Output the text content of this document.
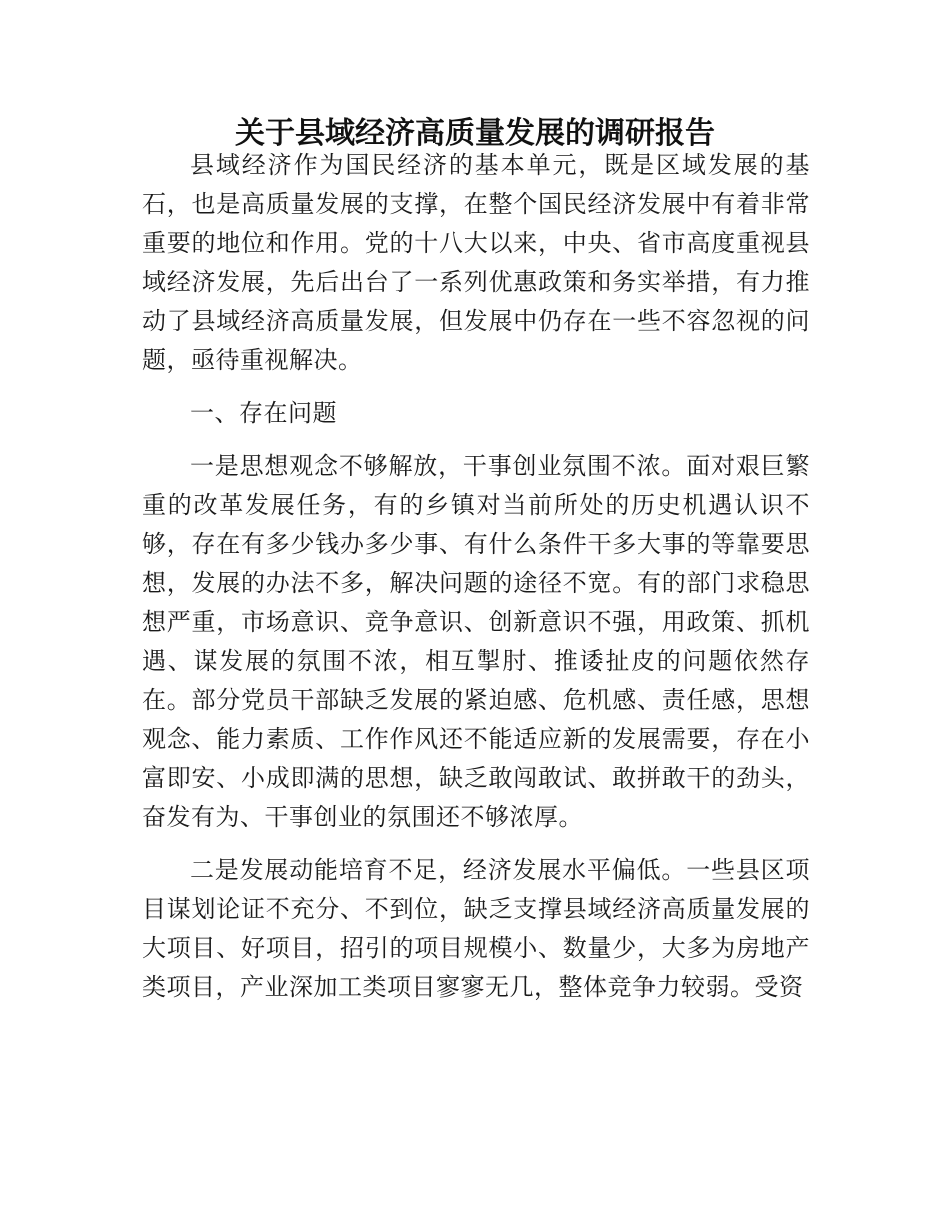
关于县域经济高质量发展的调研报告

县域经济作为国民经济的基本单元，既是区域发展的基石，也是高质量发展的支撑，在整个国民经济发展中有着非常重要的地位和作用。党的十八大以来，中央、省市高度重视县域经济发展，先后出台了一系列优惠政策和务实举措，有力推动了县域经济高质量发展，但发展中仍存在一些不容忽视的问题，亟待重视解决。

一、存在问题

一是思想观念不够解放，干事创业氛围不浓。面对艰巨繁重的改革发展任务，有的乡镇对当前所处的历史机遇认识不够，存在有多少钱办多少事、有什么条件干多大事的等靠要思想，发展的办法不多，解决问题的途径不宽。有的部门求稳思想严重，市场意识、竞争意识、创新意识不强，用政策、抓机遇、谋发展的氛围不浓，相互掣肘、推诿扯皮的问题依然存在。部分党员干部缺乏发展的紧迫感、危机感、责任感，思想观念、能力素质、工作作风还不能适应新的发展需要，存在小富即安、小成即满的思想，缺乏敢闯敢试、敢拼敢干的劲头，奋发有为、干事创业的氛围还不够浓厚。

二是发展动能培育不足，经济发展水平偏低。一些县区项目谋划论证不充分、不到位，缺乏支撑县域经济高质量发展的大项目、好项目，招引的项目规模小、数量少，大多为房地产类项目，产业深加工类项目寥寥无几，整体竞争力较弱。受资
